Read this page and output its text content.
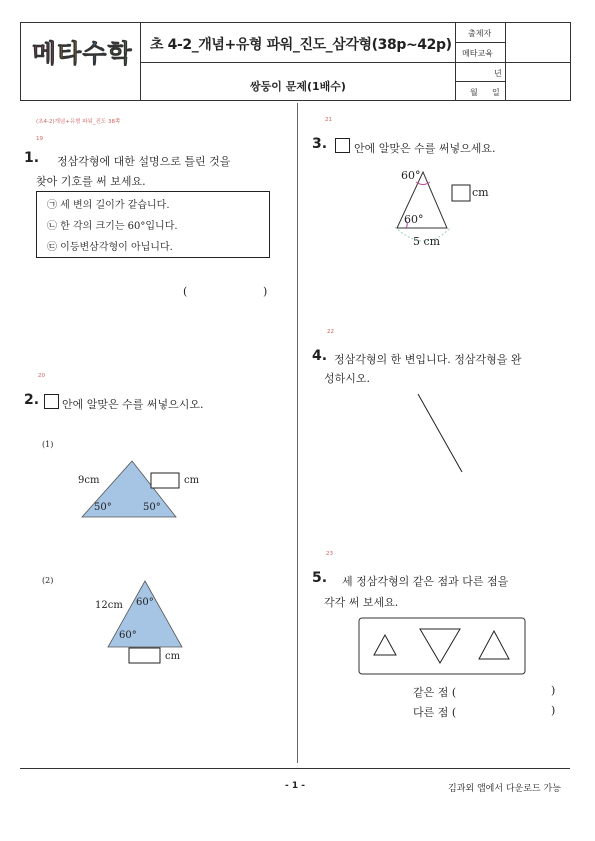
메타수학 초 4-2_개념+유형 파워_진도_삼각형(38p~42p)
쌍둥이 문제(1배수)
출제자
메타교육
년
월 일
(초4-2)개념+유형 파워_진도 38쪽
19
1. 정삼각형에 대한 설명으로 틀린 것을
찾아 기호를 써 보세요.
㉠ 세 변의 길이가 같습니다.
㉡ 한 각의 크기는 60°입니다.
㉢ 이등변삼각형이 아닙니다.
(	)
20
2. 안에 알맞은 수를 써넣으시오.
(1)
9cm	cm
50°	50°
(2)
12cm 60°
60°
cm
21
3. 안에 알맞은 수를 써넣으세요.
60°
60°
5 cm
cm
22
4. 정삼각형의 한 변입니다. 정삼각형을 완
성하시오.
23
5. 세 정삼각형의 같은 점과 다른 점을
각각 써 보세요.
같은 점 (	)
다른 점 (	)
- 1 -	김과외 앱에서 다운로드 가능
